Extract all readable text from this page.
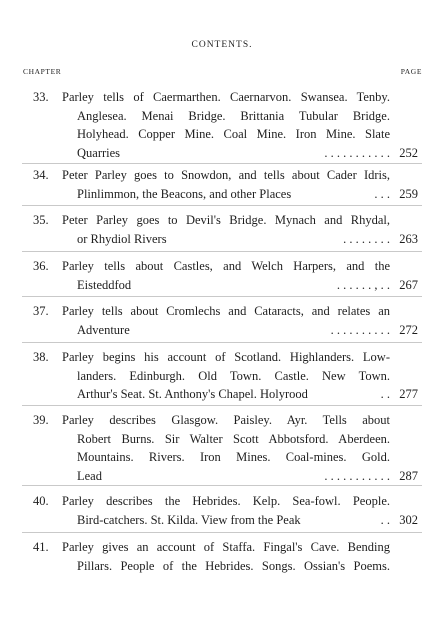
CONTENTS.
CHAPTER	PAGE
33. Parley tells of Caermarthen. Caernarvon. Swansea. Tenby.
Anglesea. Menai Bridge. Brittania Tubular Bridge.
Holyhead. Copper Mine. Coal Mine. Iron Mine. Slate
Quarries	. . . . . . . . . . . 252
34. Peter Parley goes to Snowdon, and tells about Cader Idris,
Plinlimmon, the Beacons, and other Places	. . . 259
35. Peter Parley goes to Devil's Bridge. Mynach and Rhydal,
or Rhydiol Rivers	. . . . . . . . 263
36. Parley tells about Castles, and Welch Harpers, and the
Eisteddfod	. . . . . . , . . 267
37. Parley tells about Cromlechs and Cataracts, and relates an
Adventure	. . . . . . . . . . 272
38. Parley begins his account of Scotland. Highlanders. Low-
landers. Edinburgh. Old Town. Castle. New Town.
Arthur's Seat. St. Anthony's Chapel. Holyrood	. . 277
39. Parley describes Glasgow. Paisley. Ayr. Tells about
Robert Burns. Sir Walter Scott Abbotsford. Aberdeen.
Mountains. Rivers. Iron Mines. Coal-mines. Gold.
Lead	. . . . . . . . . . . 287
40. Parley describes the Hebrides. Kelp. Sea-fowl. People.
Bird-catchers. St. Kilda. View from the Peak	. . 302
41. Parley gives an account of Staffa. Fingal's Cave. Bending
Pillars. People of the Hebrides. Songs. Ossian's Poems.
